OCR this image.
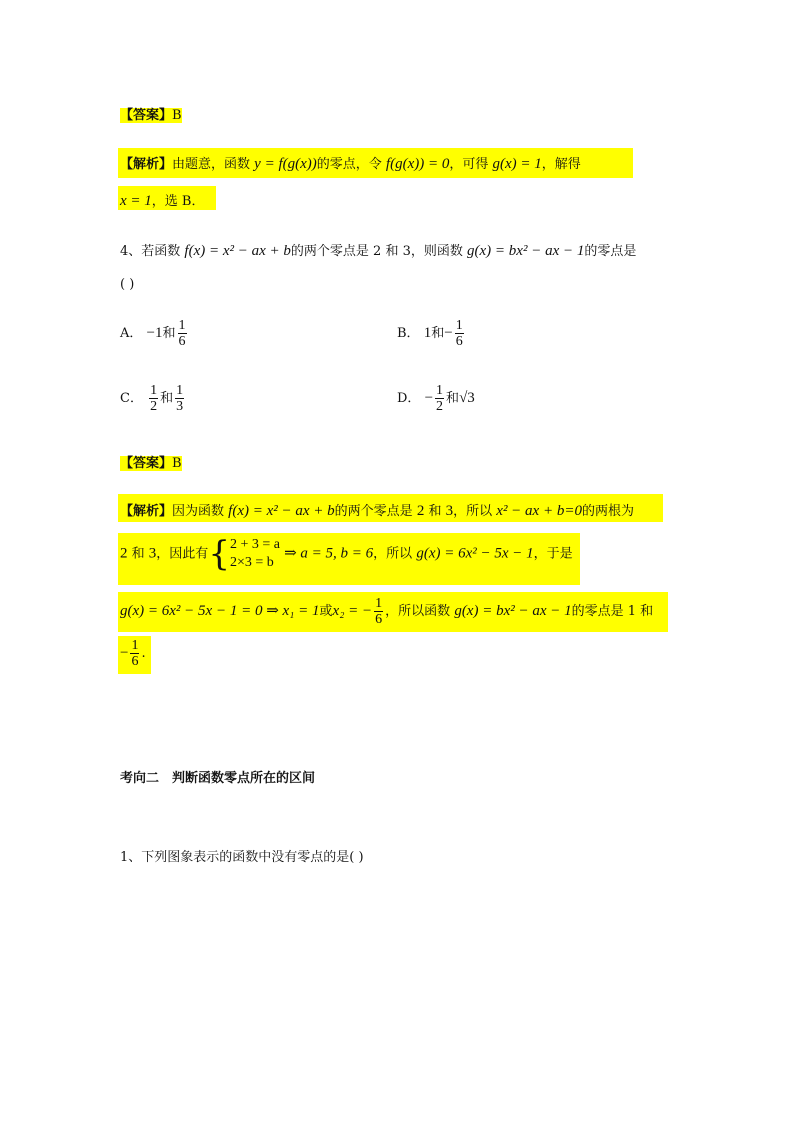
【答案】B
【解析】由题意，函数 y = f(g(x))的零点，令 f(g(x)) = 0，可得 g(x) = 1，解得
x = 1，选 B．
4、若函数 f(x) = x² − ax + b的两个零点是 2 和 3，则函数 g(x) = bx² − ax − 1的零点是
( )
A． −1和 $\frac{1}{6}$	B． 1和− $\frac{1}{6}$
C． $\frac{1}{2}$ 和 $\frac{1}{3}$	D． − $\frac{1}{2}$ 和√3
【答案】B
【解析】因为函数 f(x) = x² − ax + b的两个零点是 2 和 3，所以 x² − ax + b=0的两根为
2 和 3，因此有{ 2 + 3 = a
2×3 = b
⇒ a = 5, b = 6，所以 g(x) = 6x² − 5x − 1，于是
g(x) = 6x² − 5x − 1 = 0 ⇒ x₁ = 1或x₂ = − $\frac{1}{6}$ ，所以函数 g(x) = bx² − ax − 1的零点是 1 和
− $\frac{1}{6}$ .
考向二　判断函数零点所在的区间
1、下列图象表示的函数中没有零点的是( )
